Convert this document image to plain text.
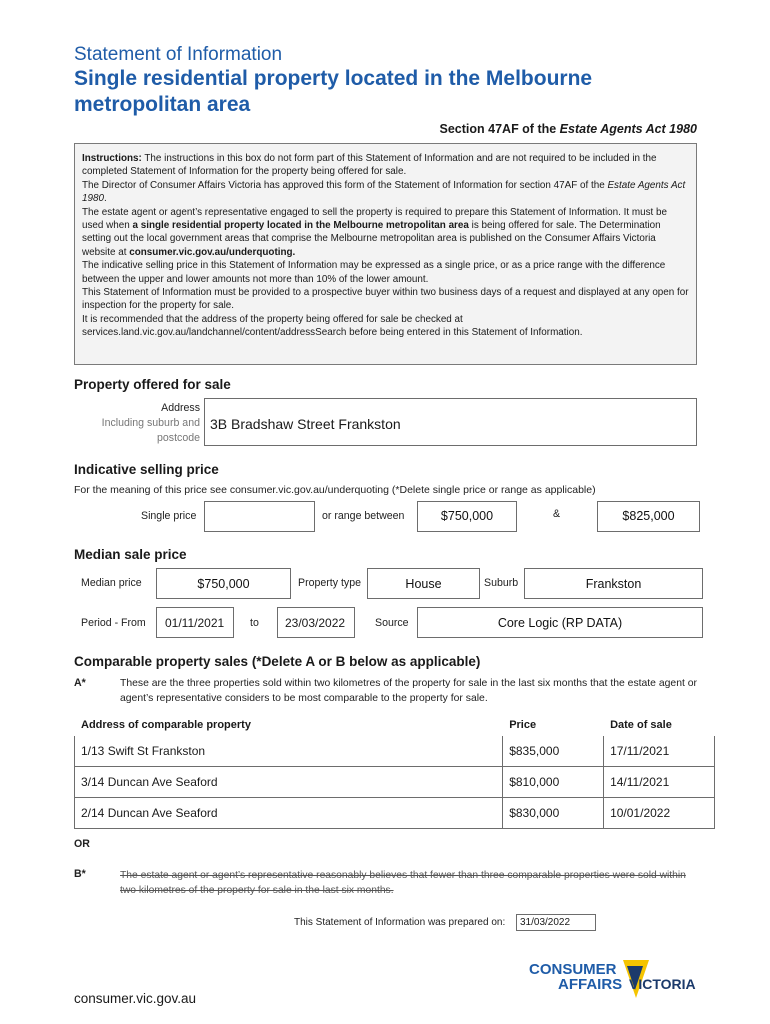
Statement of Information
Single residential property located in the Melbourne
metropolitan area
Section 47AF of the Estate Agents Act 1980

Instructions: The instructions in this box do not form part of this Statement of Information and are not required to be included in the completed Statement of Information for the property being offered for sale.

The Director of Consumer Affairs Victoria has approved this form of the Statement of Information for section 47AF of the Estate Agents Act 1980.

The estate agent or agent’s representative engaged to sell the property is required to prepare this Statement of Information. It must be used when a single residential property located in the Melbourne metropolitan area is being offered for sale. The Determination setting out the local government areas that comprise the Melbourne metropolitan area is published on the Consumer Affairs Victoria website at consumer.vic.gov.au/underquoting.

The indicative selling price in this Statement of Information may be expressed as a single price, or as a price range with the difference between the upper and lower amounts not more than 10% of the lower amount.

This Statement of Information must be provided to a prospective buyer within two business days of a request and displayed at any open for inspection for the property for sale.

It is recommended that the address of the property being offered for sale be checked at services.land.vic.gov.au/landchannel/content/addressSearch before being entered in this Statement of Information.

Property offered for sale
Address
Including suburb and
postcode
3B Bradshaw Street Frankston
Indicative selling price
For the meaning of this price see consumer.vic.gov.au/underquoting (*Delete single price or range as applicable)
Single price	or range between	$750,000	&	$825,000
Median sale price
Median price	$750,000	Property type	House	Suburb	Frankston
Period - From	01/11/2021	to	23/03/2022	Source	Core Logic (RP DATA)
Comparable property sales (*Delete A or B below as applicable)
A*	These are the three properties sold within two kilometres of the property for sale in the last six months that the estate agent or agent’s representative considers to be most comparable to the property for sale.
Address of comparable property	Price	Date of sale
1/13 Swift St Frankston	$835,000	17/11/2021
3/14 Duncan Ave Seaford	$810,000	14/11/2021
2/14 Duncan Ave Seaford	$830,000	10/01/2022
OR
B*	The estate agent or agent’s representative reasonably believes that fewer than three comparable properties were sold within two kilometres of the property for sale in the last six months.
This Statement of Information was prepared on:	31/03/2022
CONSUMER
AFFAIRS VICTORIA
consumer.vic.gov.au
